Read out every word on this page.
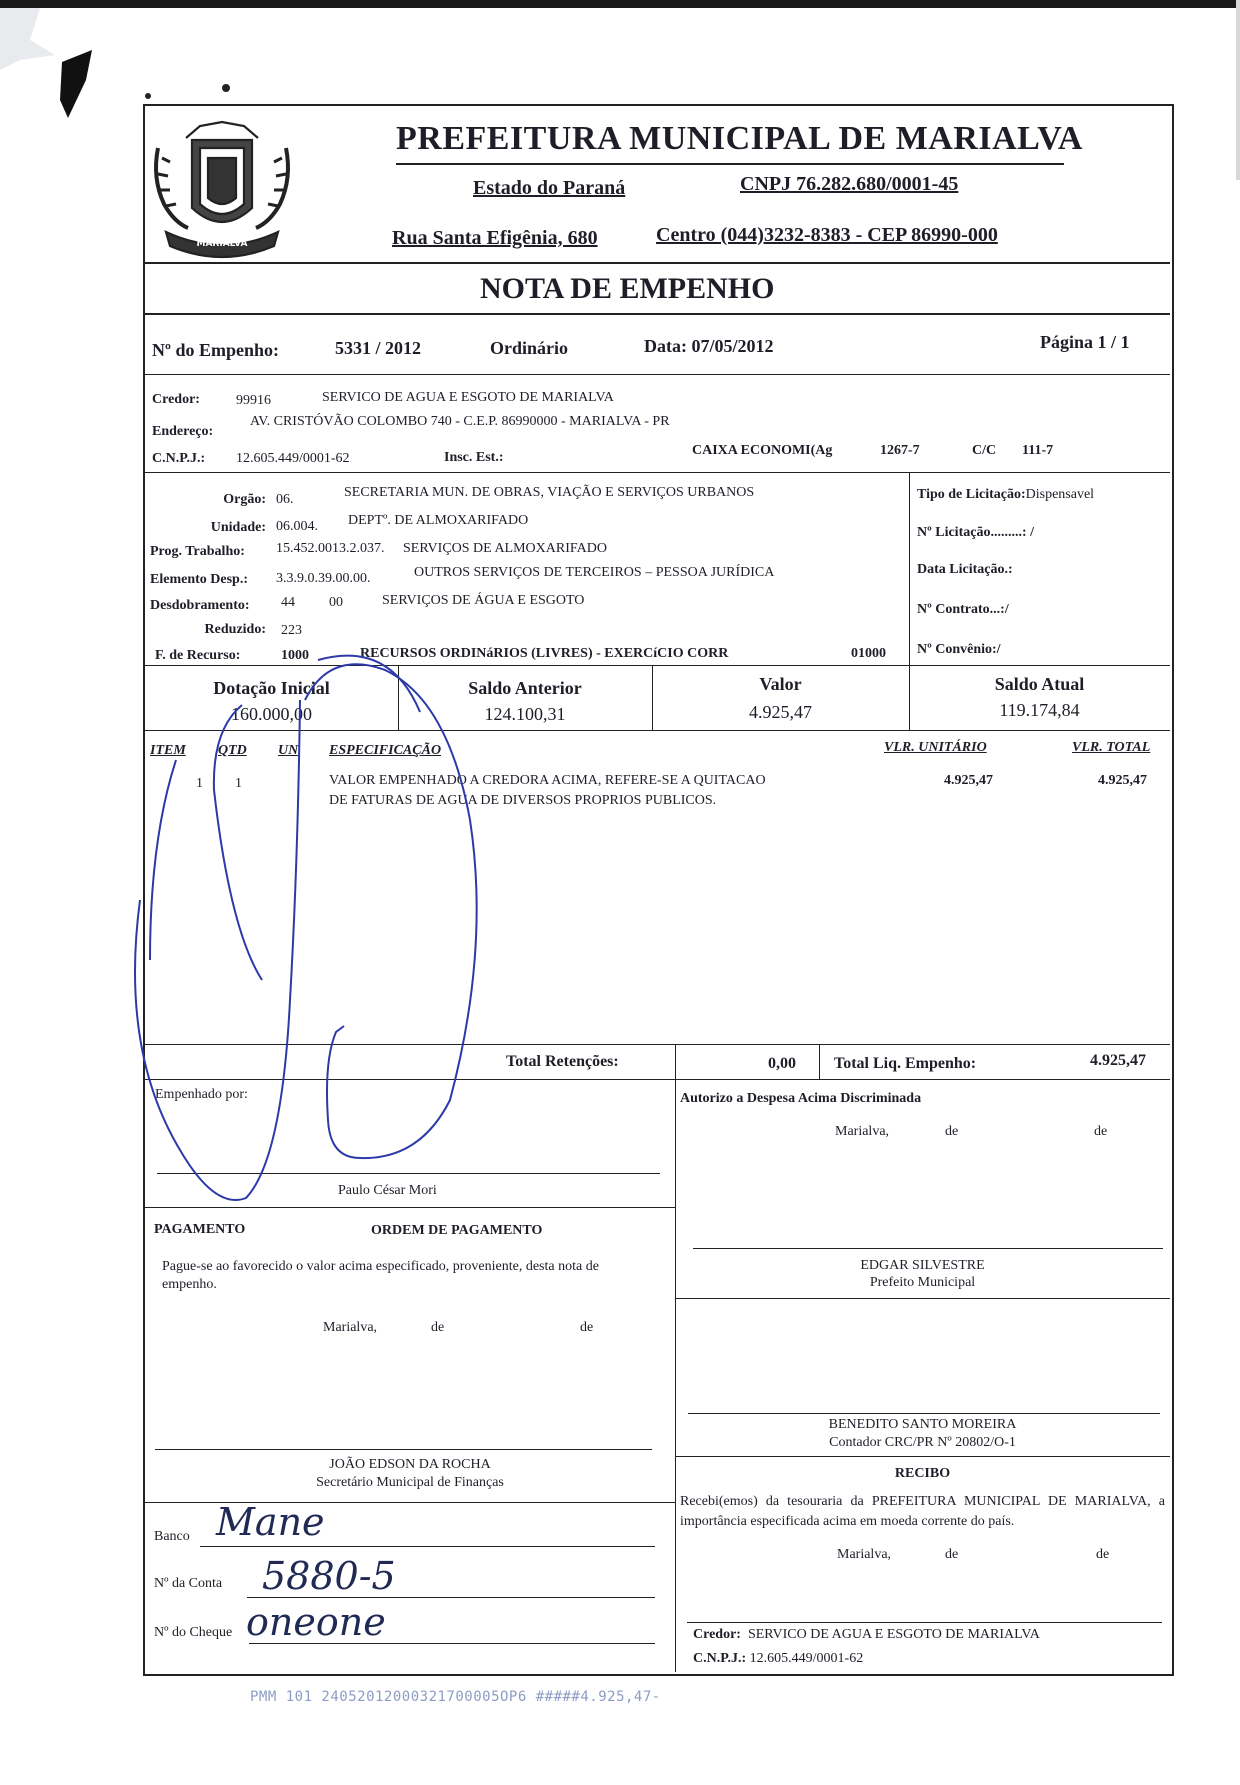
MARIALVA
PREFEITURA MUNICIPAL DE MARIALVA
Estado do Paraná	CNPJ 76.282.680/0001-45
Rua Santa Efigênia, 680	Centro (044)3232-8383 - CEP 86990-000
NOTA DE EMPENHO
Nº do Empenho:	5331 / 2012	Ordinário	Data: 07/05/2012	Página 1 / 1
Credor:	99916	SERVICO DE AGUA E ESGOTO DE MARIALVA
Endereço:
AV. CRISTÓVÃO COLOMBO 740 - C.E.P. 86990000 - MARIALVA - PR
C.N.P.J.: 12.605.449/0001-62	Insc. Est.:	CAIXA ECONOMI(Ag	1267-7	C/C 111-7
Orgão: 06.	SECRETARIA MUN. DE OBRAS, VIAÇÃO E SERVIÇOS URBANOS
Unidade: 06.004. DEPTº. DE ALMOXARIFADO
Prog. Trabalho: 15.452.0013.2.037. SERVIÇOS DE ALMOXARIFADO
Elemento Desp.: 3.3.9.0.39.00.00.	OUTROS SERVIÇOS DE TERCEIROS – PESSOA JURÍDICA
Desdobramento: 44 00	SERVIÇOS DE ÁGUA E ESGOTO
Reduzido: 223
F. de Recurso:	1000	RECURSOS ORDINáRIOS (LIVRES) - EXERCíCIO CORR	01000
Tipo de Licitação:Dispensavel
Nº Licitação.........: /
Data Licitação.:
Nº Contrato...:/
Nº Convênio:/
Dotação Inicial
160.000,00
Saldo Anterior
124.100,31
Valor
4.925,47
Saldo Atual
119.174,84
ITEM QTD UN ESPECIFICAÇÃO	VLR. UNITÁRIO	VLR. TOTAL
1 1	VALOR EMPENHADO A CREDORA ACIMA, REFERE-SE A QUITACAO
DE FATURAS DE AGUA DE DIVERSOS PROPRIOS PUBLICOS.
4.925,47	4.925,47
Total Retenções:	0,00 Total Liq. Empenho:	4.925,47
Empenhado por:
Paulo César Mori
Autorizo a Despesa Acima Discriminada
Marialva,	de	de
EDGAR SILVESTRE
Prefeito Municipal
PAGAMENTO	ORDEM DE PAGAMENTO
Pague-se ao favorecido o valor acima especificado, proveniente, desta nota de empenho.
Marialva,	de	de
JOÃO EDSON DA ROCHA
Secretário Municipal de Finanças
BENEDITO SANTO MOREIRA
Contador CRC/PR Nº 20802/O-1
Banco Mane
Nº da Conta 5880-5
Nº do Cheque oneone
RECIBO
Recebi(emos) da tesouraria da PREFEITURA MUNICIPAL DE MARIALVA, a importância especificada acima em moeda corrente do país.
Marialva,	de	de
Credor: SERVICO DE AGUA E ESGOTO DE MARIALVA
C.N.P.J.: 12.605.449/0001-62
PMM 101 24052012000321700005OP6 #####4.925,47-
